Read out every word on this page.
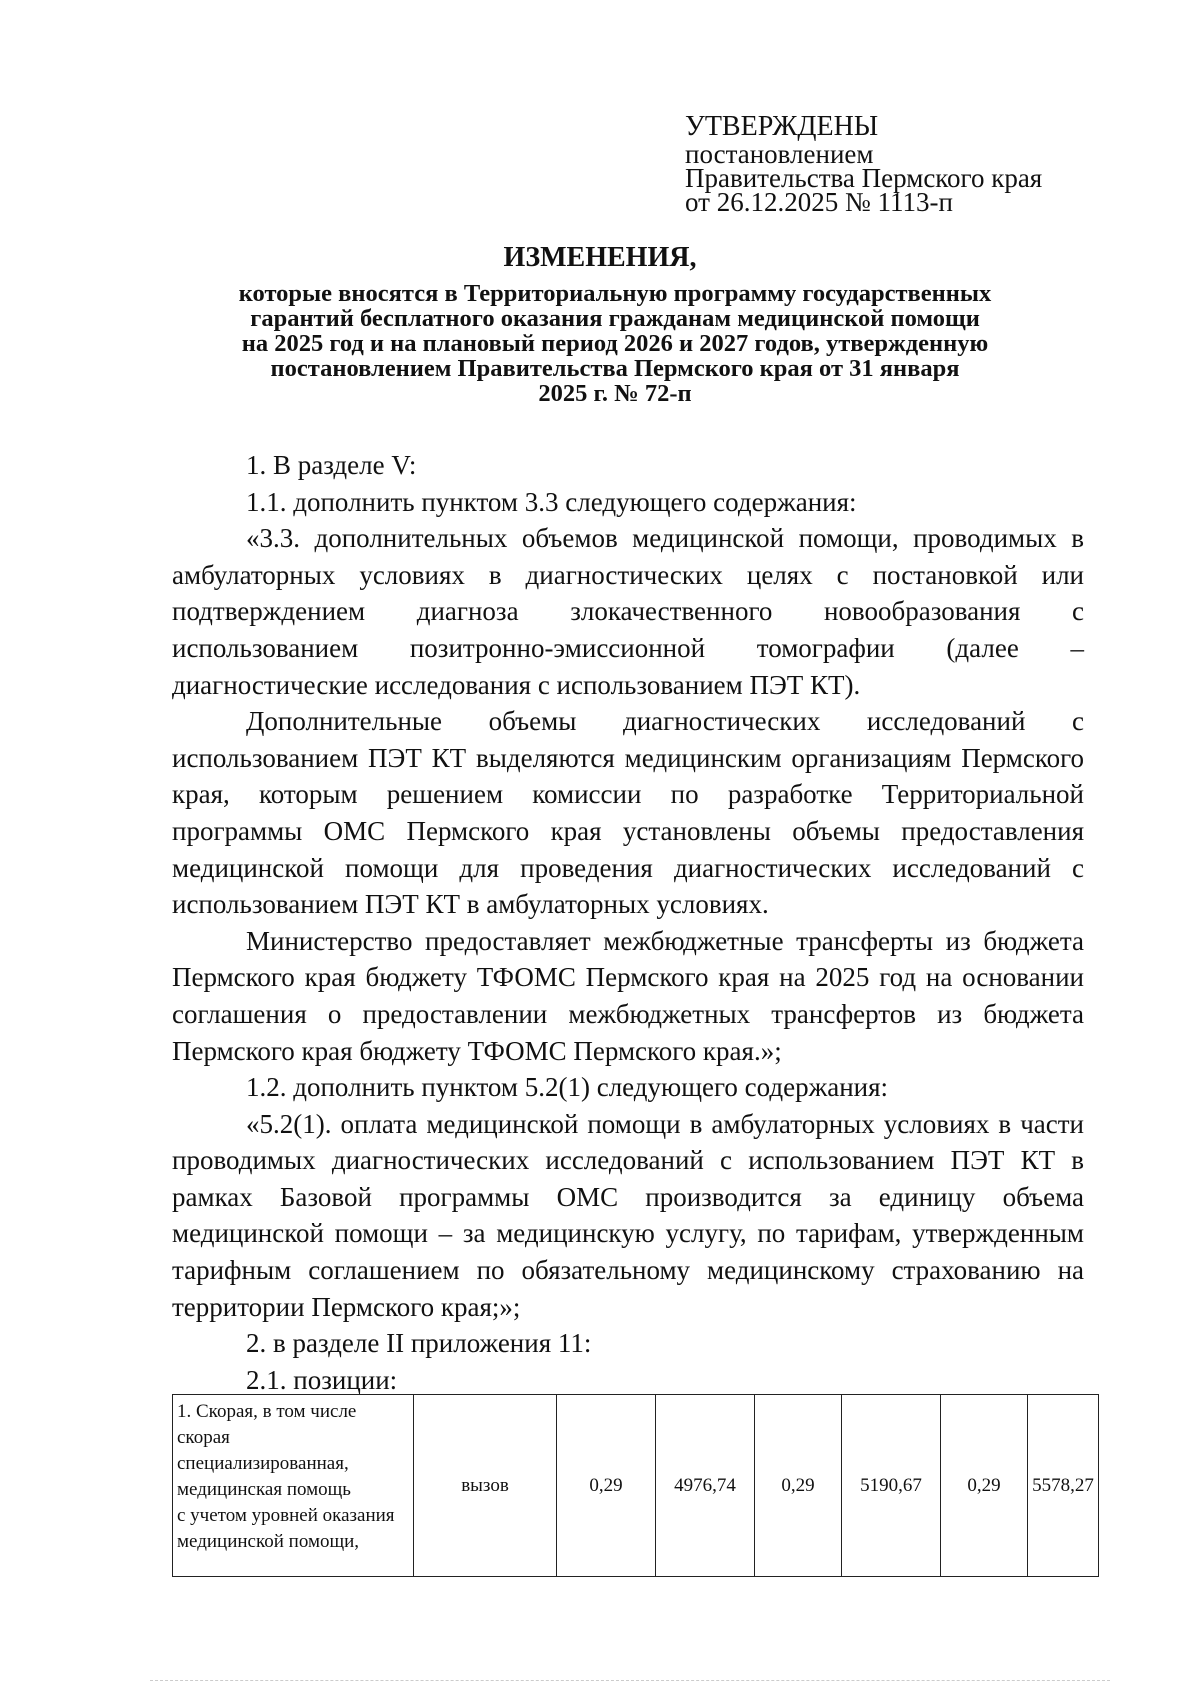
УТВЕРЖДЕНЫ
постановлением
Правительства Пермского края
от 26.12.2025 № 1113-п
ИЗМЕНЕНИЯ,
которые вносятся в Территориальную программу государственных
гарантий бесплатного оказания гражданам медицинской помощи
на 2025 год и на плановый период 2026 и 2027 годов, утвержденную
постановлением Правительства Пермского края от 31 января
2025 г. № 72-п

1. В разделе V:

1.1. дополнить пунктом 3.3 следующего содержания:

«3.3. дополнительных объемов медицинской помощи, проводимых в амбулаторных условиях в диагностических целях с постановкой или подтверждением диагноза злокачественного новообразования с использованием позитронно-эмиссионной томографии (далее – диагностические исследования с использованием ПЭТ КТ).

Дополнительные объемы диагностических исследований с использованием ПЭТ КТ выделяются медицинским организациям Пермского края, которым решением комиссии по разработке Территориальной программы ОМС Пермского края установлены объемы предоставления медицинской помощи для проведения диагностических исследований с использованием ПЭТ КТ в амбулаторных условиях.

Министерство предоставляет межбюджетные трансферты из бюджета Пермского края бюджету ТФОМС Пермского края на 2025 год на основании соглашения о предоставлении межбюджетных трансфертов из бюджета Пермского края бюджету ТФОМС Пермского края.»;

1.2. дополнить пунктом 5.2(1) следующего содержания:

«5.2(1). оплата медицинской помощи в амбулаторных условиях в части проводимых диагностических исследований с использованием ПЭТ КТ в рамках Базовой программы ОМС производится за единицу объема медицинской помощи – за медицинскую услугу, по тарифам, утвержденным тарифным соглашением по обязательному медицинскому страхованию на территории Пермского края;»;

2. в разделе II приложения 11:

2.1. позиции:

1. Скорая, в том числе
скорая
специализированная,
медицинская помощь
с учетом уровней оказания
медицинской помощи,
	вызов	0,29	4976,74	0,29	5190,67	0,29	5578,27
